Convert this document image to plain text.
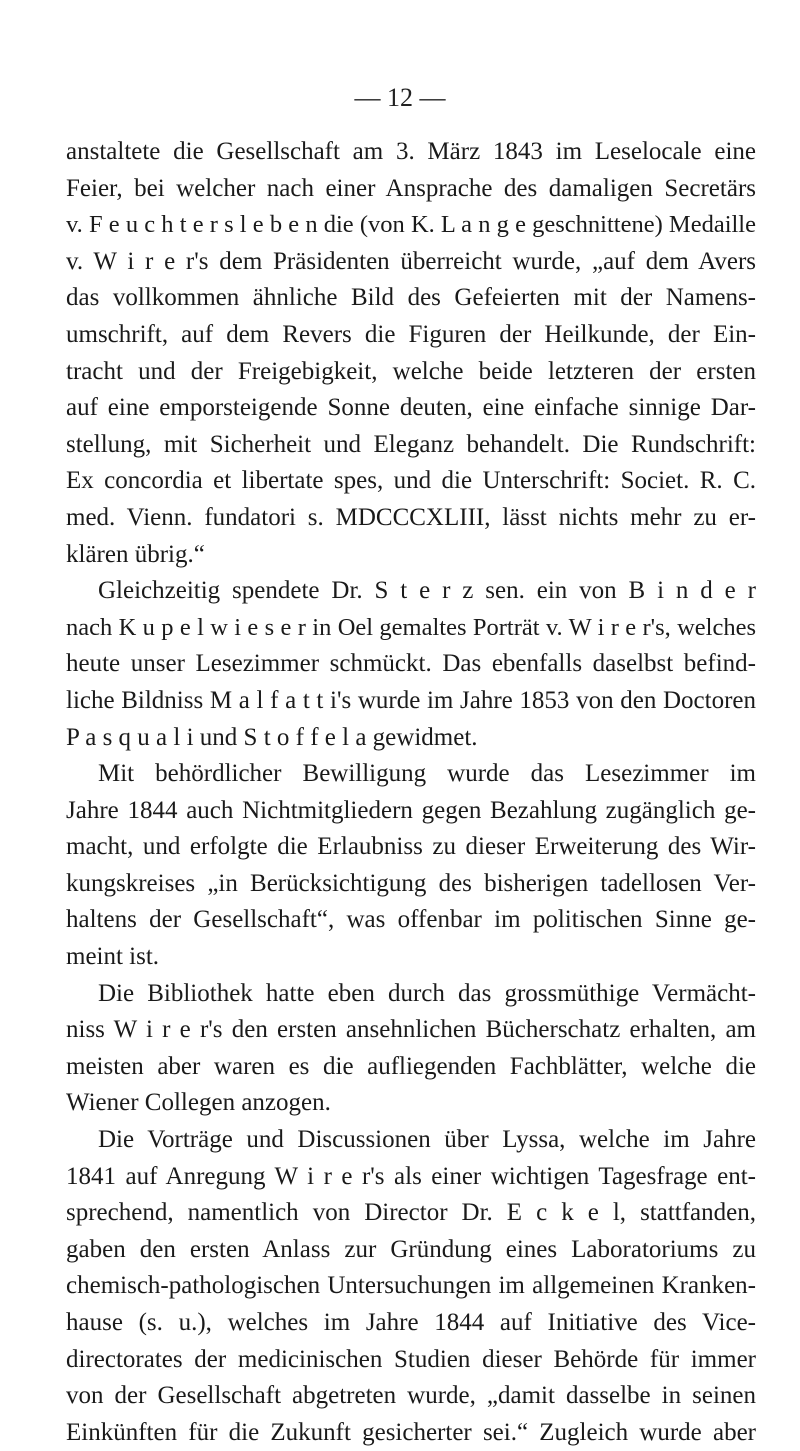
— 12 —
anstaltete die Gesellschaft am 3. März 1843 im Leselocale eine
Feier, bei welcher nach einer Ansprache des damaligen Secretärs
v. F e u c h t e r s l e b e n die (von K. L a n g e geschnittene) Medaille
v. W i r e r's dem Präsidenten überreicht wurde, „auf dem Avers
das vollkommen ähnliche Bild des Gefeierten mit der Namens-
umschrift, auf dem Revers die Figuren der Heilkunde, der Ein-
tracht und der Freigebigkeit, welche beide letzteren der ersten
auf eine emporsteigende Sonne deuten, eine einfache sinnige Dar-
stellung, mit Sicherheit und Eleganz behandelt. Die Rundschrift:
Ex concordia et libertate spes, und die Unterschrift: Societ. R. C.
med. Vienn. fundatori s. MDCCCXLIII, lässt nichts mehr zu er-
klären übrig.“
Gleichzeitig spendete Dr. S t e r z sen. ein von B i n d e r
nach K u p e l w i e s e r in Oel gemaltes Porträt v. W i r e r's, welches
heute unser Lesezimmer schmückt. Das ebenfalls daselbst befind-
liche Bildniss M a l f a t t i's wurde im Jahre 1853 von den Doctoren
P a s q u a l i und S t o f f e l a gewidmet.
Mit behördlicher Bewilligung wurde das Lesezimmer im
Jahre 1844 auch Nichtmitgliedern gegen Bezahlung zugänglich ge-
macht, und erfolgte die Erlaubniss zu dieser Erweiterung des Wir-
kungskreises „in Berücksichtigung des bisherigen tadellosen Ver-
haltens der Gesellschaft“, was offenbar im politischen Sinne ge-
meint ist.
Die Bibliothek hatte eben durch das grossmüthige Vermächt-
niss W i r e r's den ersten ansehnlichen Bücherschatz erhalten, am
meisten aber waren es die aufliegenden Fachblätter, welche die
Wiener Collegen anzogen.
Die Vorträge und Discussionen über Lyssa, welche im Jahre
1841 auf Anregung W i r e r's als einer wichtigen Tagesfrage ent-
sprechend, namentlich von Director Dr. E c k e l, stattfanden,
gaben den ersten Anlass zur Gründung eines Laboratoriums zu
chemisch-pathologischen Untersuchungen im allgemeinen Kranken-
hause (s. u.), welches im Jahre 1844 auf Initiative des Vice-
directorates der medicinischen Studien dieser Behörde für immer
von der Gesellschaft abgetreten wurde, „damit dasselbe in seinen
Einkünften für die Zukunft gesicherter sei.“ Zugleich wurde aber
